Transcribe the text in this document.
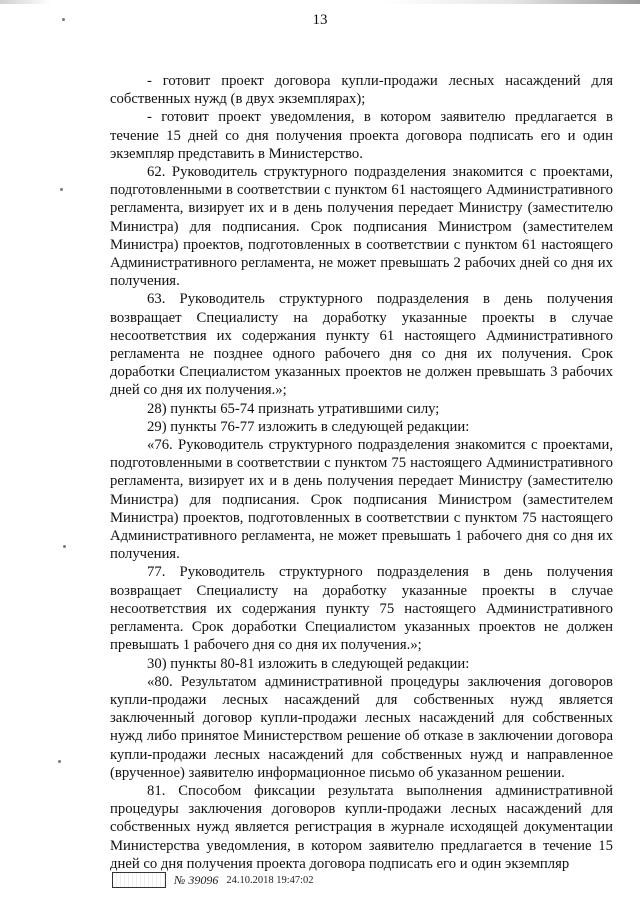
13

- готовит проект договора купли-продажи лесных насаждений для собственных нужд (в двух экземплярах);

- готовит проект уведомления, в котором заявителю предлагается в течение 15 дней со дня получения проекта договора подписать его и один экземпляр представить в Министерство.

62. Руководитель структурного подразделения знакомится с проектами, подготовленными в соответствии с пунктом 61 настоящего Административного регламента, визирует их и в день получения передает Министру (заместителю Министра) для подписания. Срок подписания Министром (заместителем Министра) проектов, подготовленных в соответствии с пунктом 61 настоящего Административного регламента, не может превышать 2 рабочих дней со дня их получения.

63. Руководитель структурного подразделения в день получения возвращает Специалисту на доработку указанные проекты в случае несоответствия их содержания пункту 61 настоящего Административного регламента не позднее одного рабочего дня со дня их получения. Срок доработки Специалистом указанных проектов не должен превышать 3 рабочих дней со дня их получения.»;

28) пункты 65-74 признать утратившими силу;

29) пункты 76-77 изложить в следующей редакции:

«76. Руководитель структурного подразделения знакомится с проектами, подготовленными в соответствии с пунктом 75 настоящего Административного регламента, визирует их и в день получения передает Министру (заместителю Министра) для подписания. Срок подписания Министром (заместителем Министра) проектов, подготовленных в соответствии с пунктом 75 настоящего Административного регламента, не может превышать 1 рабочего дня со дня их получения.

77. Руководитель структурного подразделения в день получения возвращает Специалисту на доработку указанные проекты в случае несоответствия их содержания пункту 75 настоящего Административного регламента. Срок доработки Специалистом указанных проектов не должен превышать 1 рабочего дня со дня их получения.»;

30) пункты 80-81 изложить в следующей редакции:

«80. Результатом административной процедуры заключения договоров купли-продажи лесных насаждений для собственных нужд является заключенный договор купли-продажи лесных насаждений для собственных нужд либо принятое Министерством решение об отказе в заключении договора купли-продажи лесных насаждений для собственных нужд и направленное (врученное) заявителю информационное письмо об указанном решении.

81. Способом фиксации результата выполнения административной процедуры заключения договоров купли-продажи лесных насаждений для собственных нужд является регистрация в журнале исходящей документации Министерства уведомления, в котором заявителю предлагается в течение 15 дней со дня получения проекта договора подписать его и один экземпляр

№ 39096 24.10.2018 19:47:02
